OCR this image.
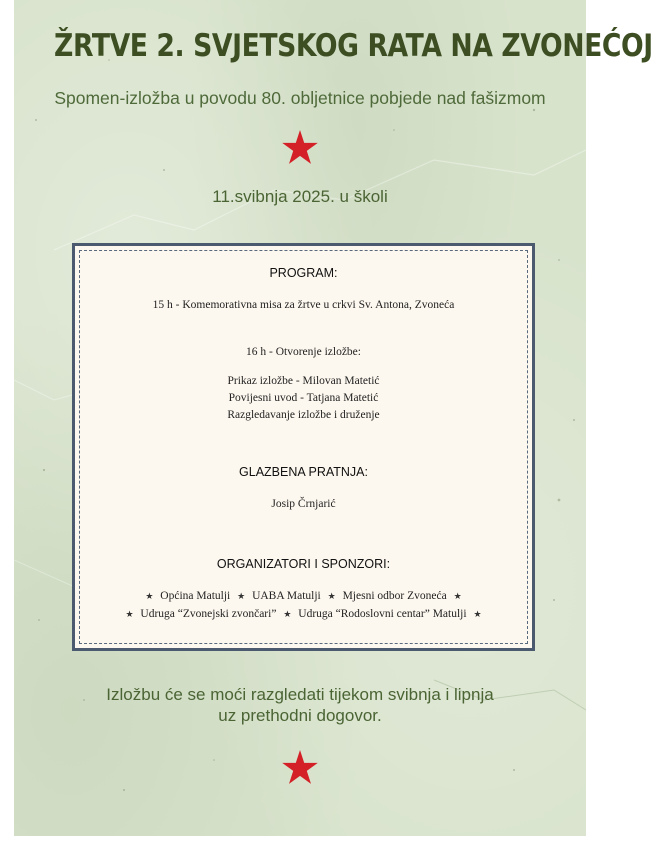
ŽRTVE 2. SVJETSKOG RATA NA ZVONEĆOJ
Spomen-izložba u povodu 80. obljetnice pobjede nad fašizmom
11.svibnja 2025. u školi
PROGRAM:
15 h - Komemorativna misa za žrtve u crkvi Sv. Antona, Zvoneća
16 h - Otvorenje izložbe:
Prikaz izložbe - Milovan Matetić
Povijesni uvod - Tatjana Matetić
Razgledavanje izložbe i druženje
GLAZBENA PRATNJA:
Josip Črnjarić
ORGANIZATORI I SPONZORI:
★ Općina Matulji ★ UABA Matulji ★ Mjesni odbor Zvoneća ★
★ Udruga “Zvonejski zvončari” ★ Udruga “Rodoslovni centar” Matulji ★
Izložbu će se moći razgledati tijekom svibnja i lipnja
uz prethodni dogovor.
